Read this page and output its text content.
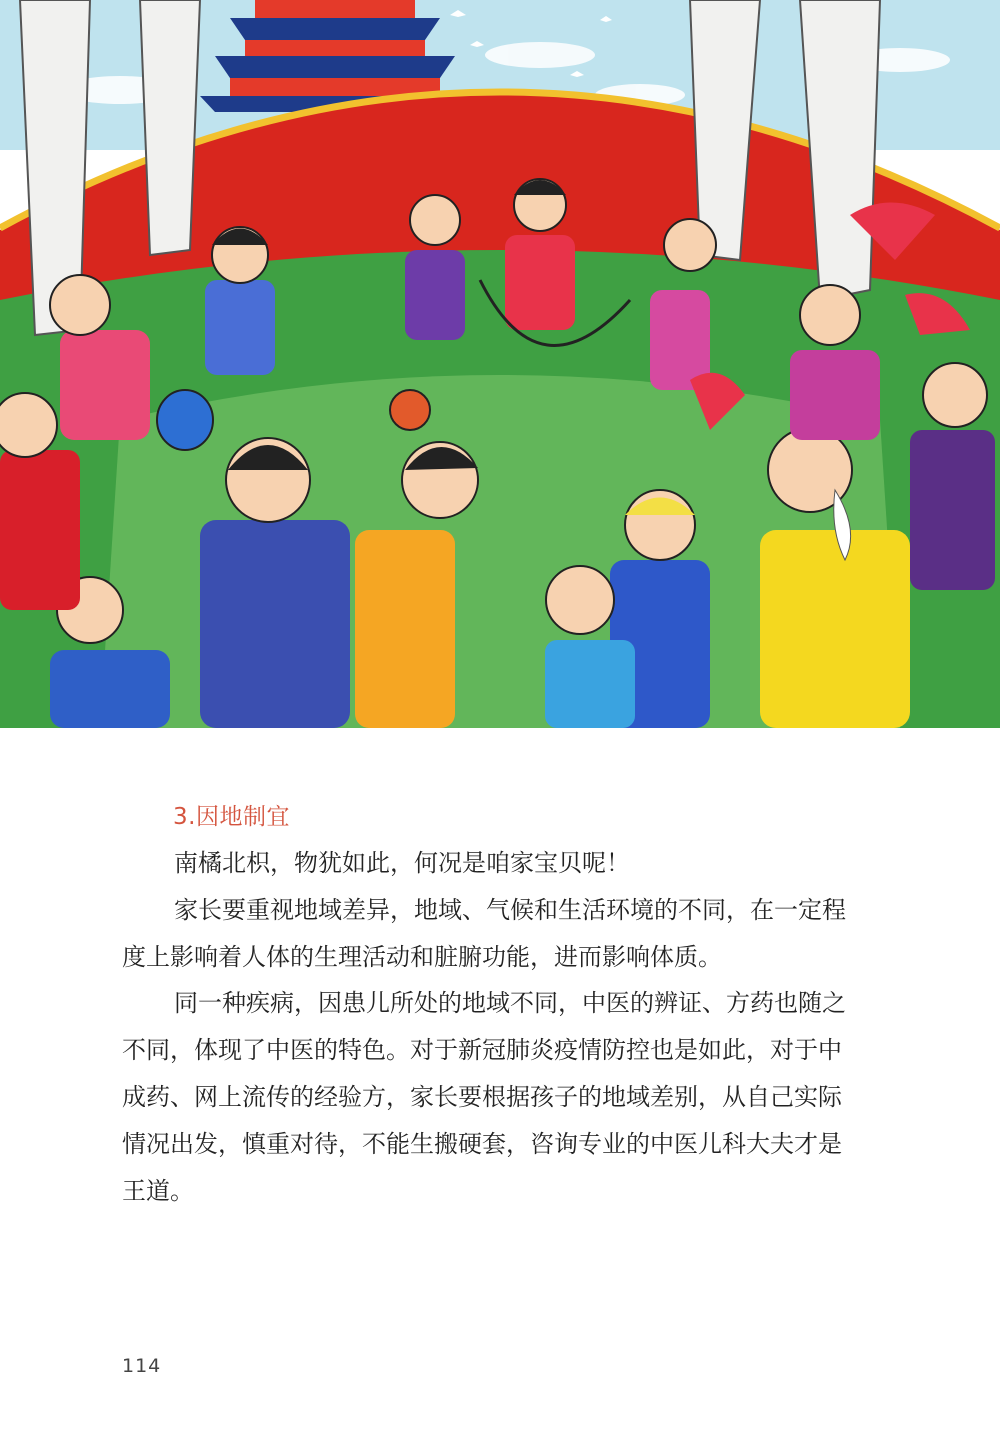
3.因地制宜

南橘北枳，物犹如此，何况是咱家宝贝呢！

家长要重视地域差异，地域、气候和生活环境的不同，在一定程度上影响着人体的生理活动和脏腑功能，进而影响体质。

同一种疾病，因患儿所处的地域不同，中医的辨证、方药也随之不同，体现了中医的特色。对于新冠肺炎疫情防控也是如此，对于中成药、网上流传的经验方，家长要根据孩子的地域差别，从自己实际情况出发，慎重对待，不能生搬硬套，咨询专业的中医儿科大夫才是王道。

114
